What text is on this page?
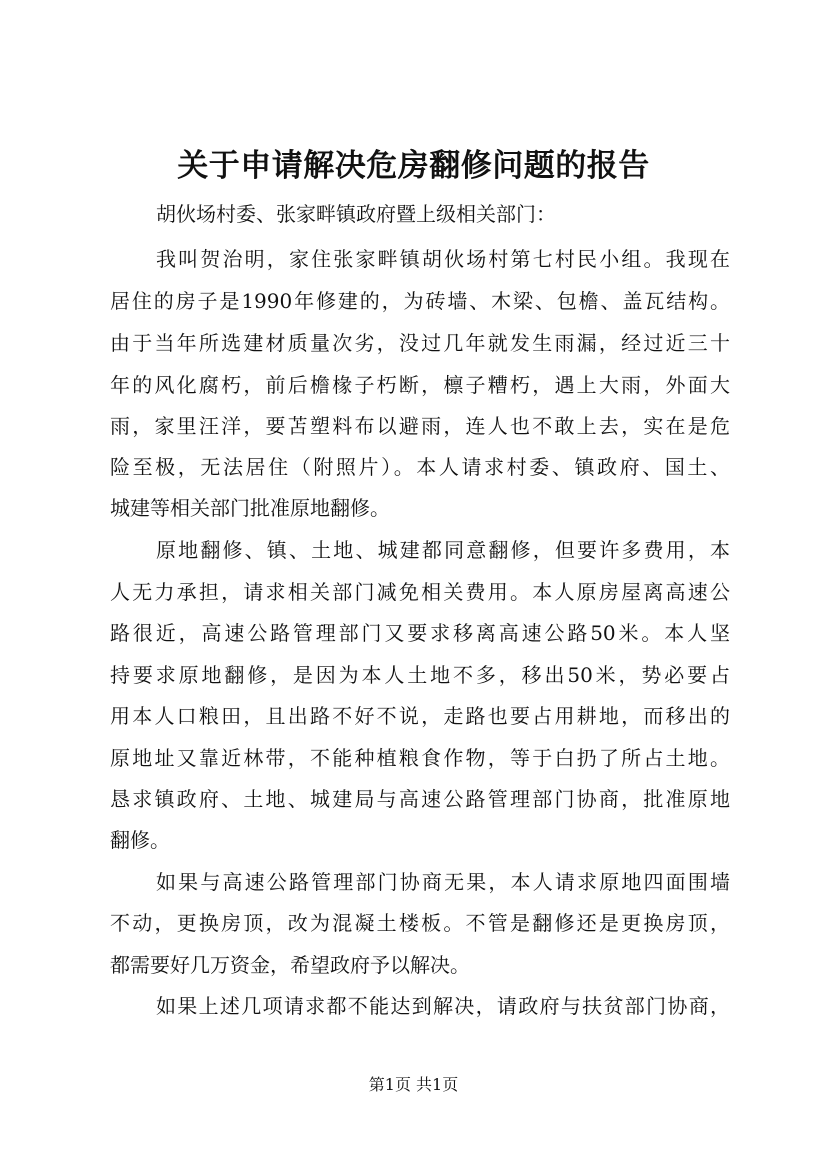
关于申请解决危房翻修问题的报告
胡伙场村委、张家畔镇政府暨上级相关部门：
我叫贺治明，家住张家畔镇胡伙场村第七村民小组。我现在
居住的房子是1990年修建的，为砖墙、木梁、包檐、盖瓦结构。
由于当年所选建材质量次劣，没过几年就发生雨漏，经过近三十
年的风化腐朽，前后檐椽子朽断，檩子糟朽，遇上大雨，外面大
雨，家里汪洋，要苫塑料布以避雨，连人也不敢上去，实在是危
险至极，无法居住（附照片）。本人请求村委、镇政府、国土、
城建等相关部门批准原地翻修。
原地翻修、镇、土地、城建都同意翻修，但要许多费用，本
人无力承担，请求相关部门减免相关费用。本人原房屋离高速公
路很近，高速公路管理部门又要求移离高速公路50米。本人坚
持要求原地翻修，是因为本人土地不多，移出50米，势必要占
用本人口粮田，且出路不好不说，走路也要占用耕地，而移出的
原地址又靠近林带，不能种植粮食作物，等于白扔了所占土地。
恳求镇政府、土地、城建局与高速公路管理部门协商，批准原地
翻修。
如果与高速公路管理部门协商无果，本人请求原地四面围墙
不动，更换房顶，改为混凝土楼板。不管是翻修还是更换房顶，
都需要好几万资金，希望政府予以解决。
如果上述几项请求都不能达到解决，请政府与扶贫部门协商，
第1页 共1页
